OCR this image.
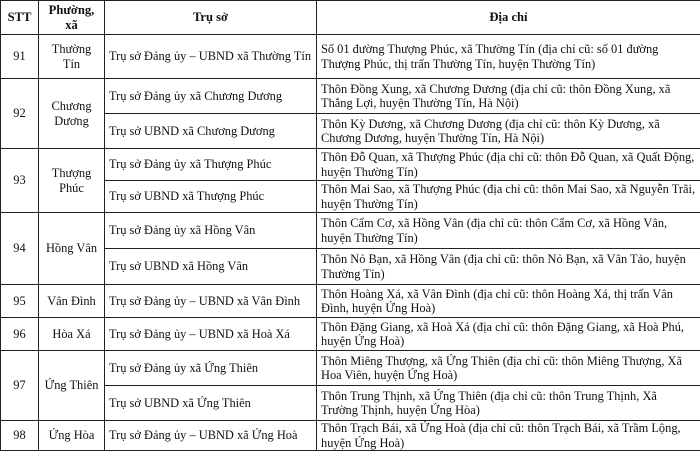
STT	Phường, xã	Trụ sở	Địa chỉ
91	Thường Tín	Trụ sở Đảng ủy – UBND xã Thường Tín	Số 01 đường Thượng Phúc, xã Thường Tín (địa chỉ cũ: số 01 đường Thượng Phúc, thị trấn Thường Tín, huyện Thường Tín)
92	Chương Dương	Trụ sở Đảng ủy xã Chương Dương	Thôn Đồng Xung, xã Chương Dương (địa chỉ cũ: thôn Đồng Xung, xã Thắng Lợi, huyện Thường Tín, Hà Nội)
		Trụ sở UBND xã Chương Dương	Thôn Kỳ Dương, xã Chương Dương (địa chỉ cũ: thôn Kỳ Dương, xã Chương Dương, huyện Thường Tín, Hà Nội)
93	Thượng Phúc	Trụ sở Đảng ủy xã Thượng Phúc	Thôn Đỗ Quan, xã Thượng Phúc (địa chỉ cũ: thôn Đỗ Quan, xã Quất Động, huyện Thường Tín)
		Trụ sở UBND xã Thượng Phúc	Thôn Mai Sao, xã Thượng Phúc (địa chỉ cũ: thôn Mai Sao, xã Nguyễn Trãi, huyện Thường Tín)
94	Hồng Vân	Trụ sở Đảng ủy xã Hồng Vân	Thôn Cẩm Cơ, xã Hồng Vân (địa chỉ cũ: thôn Cẩm Cơ, xã Hồng Vân, huyện Thường Tín)
		Trụ sở UBND xã Hồng Vân	Thôn Nỏ Bạn, xã Hồng Vân (địa chỉ cũ: thôn Nỏ Bạn, xã Vân Tảo, huyện Thường Tín)
95	Vân Đình	Trụ sở Đảng ủy – UBND xã Vân Đình	Thôn Hoàng Xá, xã Vân Đình (địa chỉ cũ: thôn Hoàng Xá, thị trấn Vân Đình, huyện Ứng Hoà)
96	Hòa Xá	Trụ sở Đảng ủy – UBND xã Hoà Xá	Thôn Đặng Giang, xã Hoà Xá (địa chỉ cũ: thôn Đặng Giang, xã Hoà Phú, huyện Ứng Hoà)
97	Ứng Thiên	Trụ sở Đảng ủy xã Ứng Thiên	Thôn Miêng Thượng, xã Ứng Thiên (địa chỉ cũ: thôn Miêng Thượng, Xã Hoa Viên, huyện Ứng Hoà)
		Trụ sở UBND xã Ứng Thiên	Thôn Trung Thịnh, xã Ứng Thiên (địa chỉ cũ: thôn Trung Thịnh, Xã Trường Thịnh, huyện Ứng Hòa)
98	Ứng Hòa	Trụ sở Đảng ủy – UBND xã Ứng Hoà	Thôn Trạch Bái, xã Ứng Hoà (địa chỉ cũ: thôn Trạch Bái, xã Trầm Lộng, huyện Ứng Hoà)
